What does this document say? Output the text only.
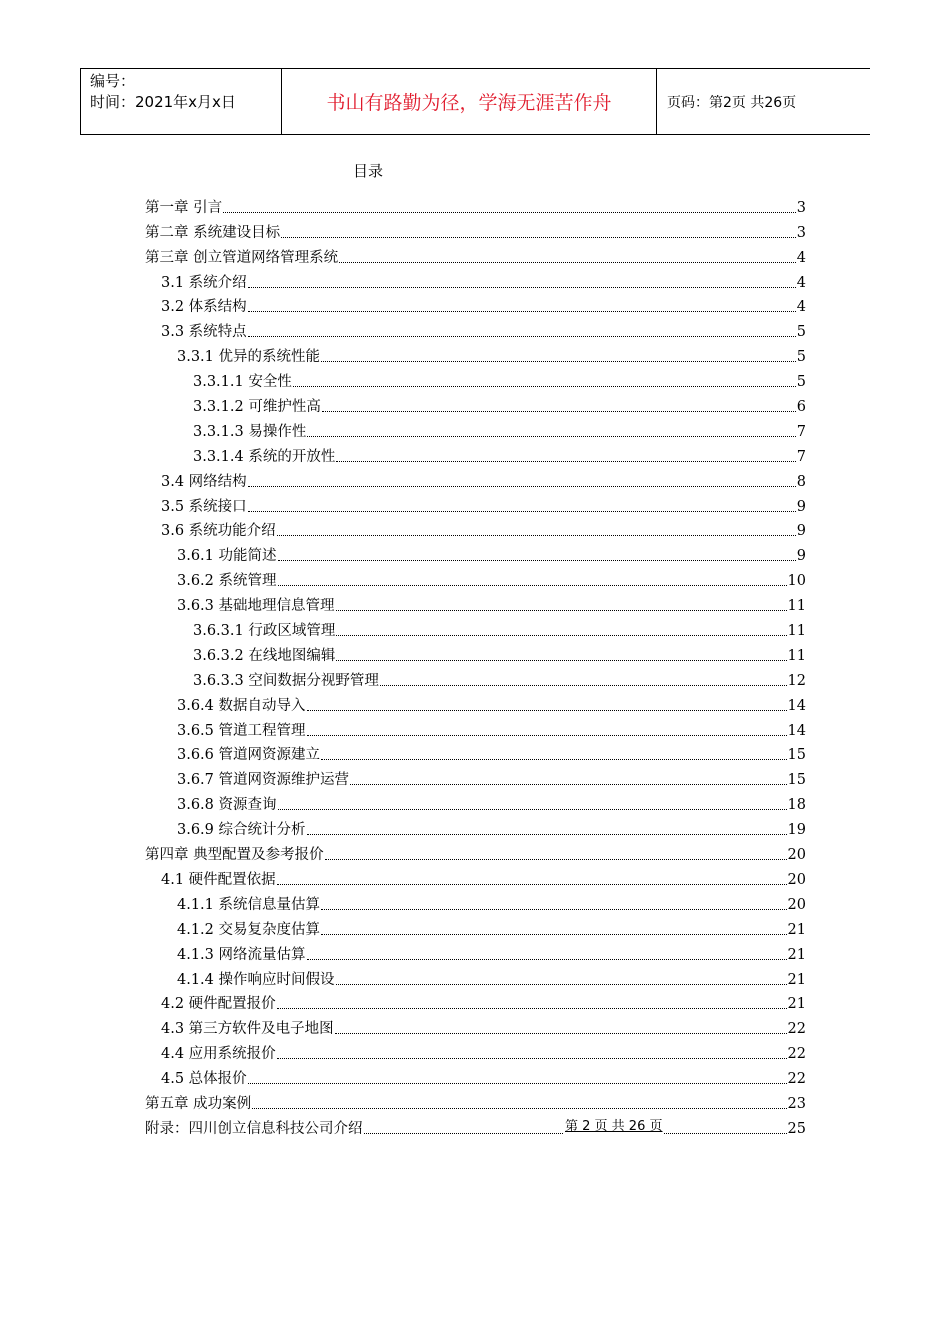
编号：
时间：2021年x月x日	书山有路勤为径，学海无涯苦作舟	页码：第2页 共26页
目录
第一章 引言	3
第二章 系统建设目标	3
第三章 创立管道网络管理系统	4
3.1 系统介绍	4
3.2 体系结构	4
3.3 系统特点	5
3.3.1 优异的系统性能	5
3.3.1.1 安全性	5
3.3.1.2 可维护性高	6
3.3.1.3 易操作性	7
3.3.1.4 系统的开放性	7
3.4 网络结构	8
3.5 系统接口	9
3.6 系统功能介绍	9
3.6.1 功能简述	9
3.6.2 系统管理	10
3.6.3 基础地理信息管理	11
3.6.3.1 行政区域管理	11
3.6.3.2 在线地图编辑	11
3.6.3.3 空间数据分视野管理	12
3.6.4 数据自动导入	14
3.6.5 管道工程管理	14
3.6.6 管道网资源建立	15
3.6.7 管道网资源维护运营	15
3.6.8 资源查询	18
3.6.9 综合统计分析	19
第四章 典型配置及参考报价	20
4.1 硬件配置依据	20
4.1.1 系统信息量估算	20
4.1.2 交易复杂度估算	21
4.1.3 网络流量估算	21
4.1.4 操作响应时间假设	21
4.2 硬件配置报价	21
4.3 第三方软件及电子地图	22
4.4 应用系统报价	22
4.5 总体报价	22
第五章 成功案例	23
附录：四川创立信息科技公司介绍	25
第 2 页 共 26 页
